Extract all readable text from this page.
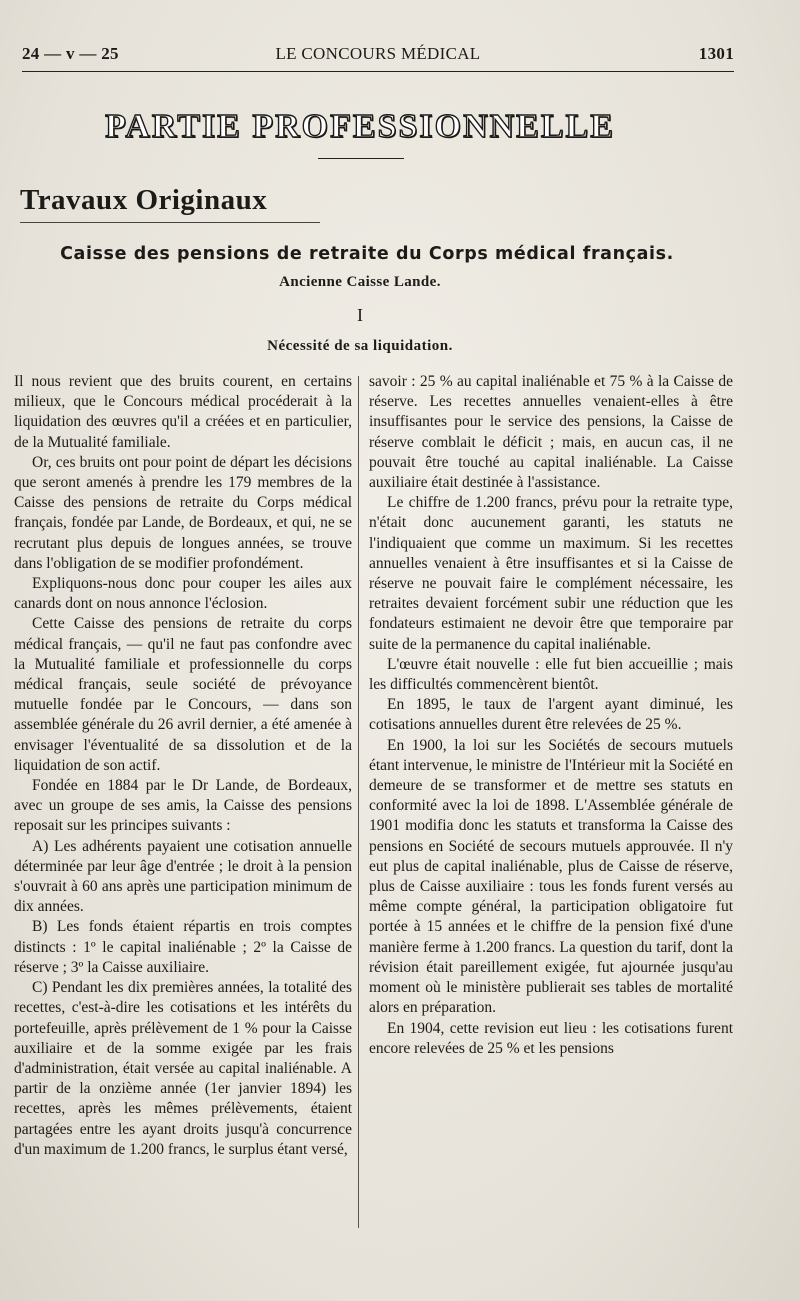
24 — v — 25	LE CONCOURS MÉDICAL	1301
PARTIE PROFESSIONNELLE
Travaux Originaux
Caisse des pensions de retraite du Corps médical français.
Ancienne Caisse Lande.
I
Nécessité de sa liquidation.

Il nous revient que des bruits courent, en certains milieux, que le Concours médical procéderait à la liquidation des œuvres qu'il a créées et en particulier, de la Mutualité familiale.

Or, ces bruits ont pour point de départ les décisions que seront amenés à prendre les 179 membres de la Caisse des pensions de retraite du Corps médical français, fondée par Lande, de Bordeaux, et qui, ne se recrutant plus depuis de longues années, se trouve dans l'obligation de se modifier profondément.

Expliquons-nous donc pour couper les ailes aux canards dont on nous annonce l'éclosion.

Cette Caisse des pensions de retraite du corps médical français, — qu'il ne faut pas confondre avec la Mutualité familiale et professionnelle du corps médical français, seule société de prévoyance mutuelle fondée par le Concours, — dans son assemblée générale du 26 avril dernier, a été amenée à envisager l'éventualité de sa dissolution et de la liquidation de son actif.

Fondée en 1884 par le Dr Lande, de Bordeaux, avec un groupe de ses amis, la Caisse des pensions reposait sur les principes suivants :

A) Les adhérents payaient une cotisation annuelle déterminée par leur âge d'entrée ; le droit à la pension s'ouvrait à 60 ans après une participation minimum de dix années.

B) Les fonds étaient répartis en trois comptes distincts : 1º le capital inaliénable ; 2º la Caisse de réserve ; 3º la Caisse auxiliaire.

C) Pendant les dix premières années, la totalité des recettes, c'est-à-dire les cotisations et les intérêts du portefeuille, après prélèvement de 1 % pour la Caisse auxiliaire et de la somme exigée par les frais d'administration, était versée au capital inaliénable. A partir de la onzième année (1er janvier 1894) les recettes, après les mêmes prélèvements, étaient partagées entre les ayant droits jusqu'à concurrence d'un maximum de 1.200 francs, le surplus étant versé,

savoir : 25 % au capital inaliénable et 75 % à la Caisse de réserve. Les recettes annuelles venaient-elles à être insuffisantes pour le service des pensions, la Caisse de réserve comblait le déficit ; mais, en aucun cas, il ne pouvait être touché au capital inaliénable. La Caisse auxiliaire était destinée à l'assistance.

Le chiffre de 1.200 francs, prévu pour la retraite type, n'était donc aucunement garanti, les statuts ne l'indiquaient que comme un maximum. Si les recettes annuelles venaient à être insuffisantes et si la Caisse de réserve ne pouvait faire le complément nécessaire, les retraites devaient forcément subir une réduction que les fondateurs estimaient ne devoir être que temporaire par suite de la permanence du capital inaliénable.

L'œuvre était nouvelle : elle fut bien accueillie ; mais les difficultés commencèrent bientôt.

En 1895, le taux de l'argent ayant diminué, les cotisations annuelles durent être relevées de 25 %.

En 1900, la loi sur les Sociétés de secours mutuels étant intervenue, le ministre de l'Intérieur mit la Société en demeure de se transformer et de mettre ses statuts en conformité avec la loi de 1898. L'Assemblée générale de 1901 modifia donc les statuts et transforma la Caisse des pensions en Société de secours mutuels approuvée. Il n'y eut plus de capital inaliénable, plus de Caisse de réserve, plus de Caisse auxiliaire : tous les fonds furent versés au même compte général, la participation obligatoire fut portée à 15 années et le chiffre de la pension fixé d'une manière ferme à 1.200 francs. La question du tarif, dont la révision était pareillement exigée, fut ajournée jusqu'au moment où le ministère publierait ses tables de mortalité alors en préparation.

En 1904, cette revision eut lieu : les cotisations furent encore relevées de 25 % et les pensions
